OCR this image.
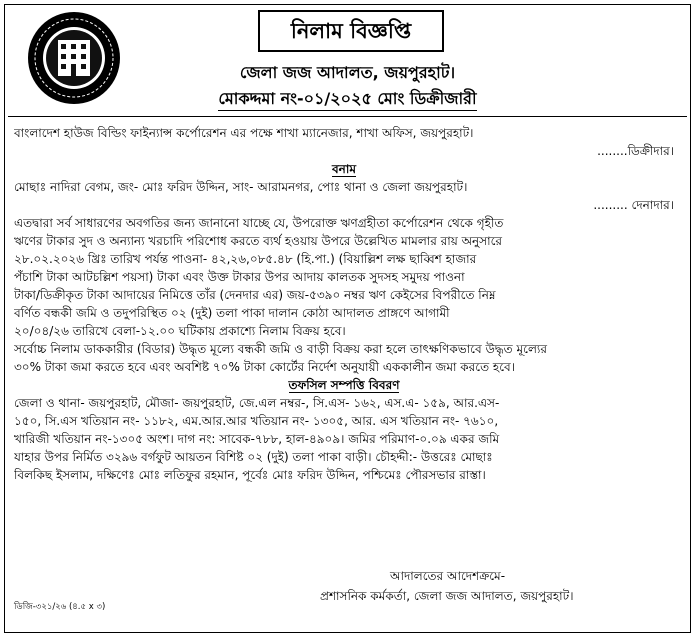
নিলাম বিজ্ঞপ্তি
জেলা জজ আদালত, জয়পুরহাট।
মোকদ্দমা নং-০১/২০২৫ মোং ডিক্রীজারী
বাংলাদেশ হাউজ বিল্ডিং ফাইন্যান্স কর্পোরেশন এর পক্ষে শাখা ম্যানেজার, শাখা অফিস, জয়পুরহাট।
........ডিক্রীদার।
বনাম
মোছাঃ নাদিরা বেগম, জং- মোঃ ফরিদ উদ্দিন, সাং- আরামনগর, পোঃ থানা ও জেলা জয়পুরহাট।
......... দেনাদার।
এতদ্বারা সর্ব সাধারণের অবগতির জন্য জানানো যাচ্ছে যে, উপরোক্ত ঋণগ্রহীতা কর্পোরেশন থেকে গৃহীত
ঋণের টাকার সুদ ও অন্যান্য খরচাদি পরিশোধ করতে ব্যর্থ হওয়ায় উপরে উল্লেখিত মামলার রায় অনুসারে
২৮.০২.২০২৬ খ্রিঃ তারিখ পর্যন্ত পাওনা- ৪২,২৬,০৮৫.৪৮ (হি.পা.) (বিয়াল্লিশ লক্ষ ছাব্বিশ হাজার
পঁচাশি টাকা আটচল্লিশ পয়সা) টাকা এবং উক্ত টাকার উপর আদায় কালতক সুদসহ সমুদয় পাওনা
টাকা/ডিক্রীকৃত টাকা আদায়ের নিমিত্তে তাঁর (দেনদার এর) জয়-৫৩৯০ নম্বর ঋণ কেইসের বিপরীতে নিম্ন
বর্ণিত বন্ধকী জমি ও তদুপরিস্থিত ০২ (দুই) তলা পাকা দালান কোঠা আদালত প্রাঙ্গণে আগামী
২০/০৪/২৬ তারিখে বেলা-১২.০০ ঘটিকায় প্রকাশ্যে নিলাম বিক্রয় হবে।
সর্বোচ্চ নিলাম ডাককারীর (বিডার) উদ্ধৃত মূল্যে বন্ধকী জমি ও বাড়ী বিক্রয় করা হলে তাৎক্ষণিকভাবে উদ্ধৃত মূল্যের
৩০% টাকা জমা করতে হবে এবং অবশিষ্ট ৭০% টাকা কোর্টের নির্দেশ অনুযায়ী এককালীন জমা করতে হবে।
তফসিল সম্পত্তি বিবরণ
জেলা ও থানা- জয়পুরহাট, মৌজা- জয়পুরহাট, জে.এল নম্বর-, সি.এস- ১৬২, এস.এ- ১৫৯, আর.এস-
১৫০, সি.এস খতিয়ান নং- ১১৮২, এম.আর.আর খতিয়ান নং- ১৩০৫, আর. এস খতিয়ান নং- ৭৬১০,
খারিজী খতিয়ান নং-১৩০৫ অংশ। দাগ নং: সাবেক-৭৮৮, হাল-৪৯০৯। জমির পরিমাণ-০.০৯ একর জমি
যাহার উপর নির্মিত ৩২৯৬ বর্গফুট আয়তন বিশিষ্ট ০২ (দুই) তলা পাকা বাড়ী। চৌহদ্দী:- উত্তরেঃ মোছাঃ
বিলকিছ ইসলাম, দক্ষিণেঃ মোঃ লতিফুর রহমান, পূর্বেঃ মোঃ ফরিদ উদ্দিন, পশ্চিমেঃ পৌরসভার রাস্তা।
আদালতের আদেশক্রমে-
প্রশাসনিক কর্মকর্তা, জেলা জজ আদালত, জয়পুরহাট।
ডিজি-৩২১/২৬ (৪.৫ x ৩)
